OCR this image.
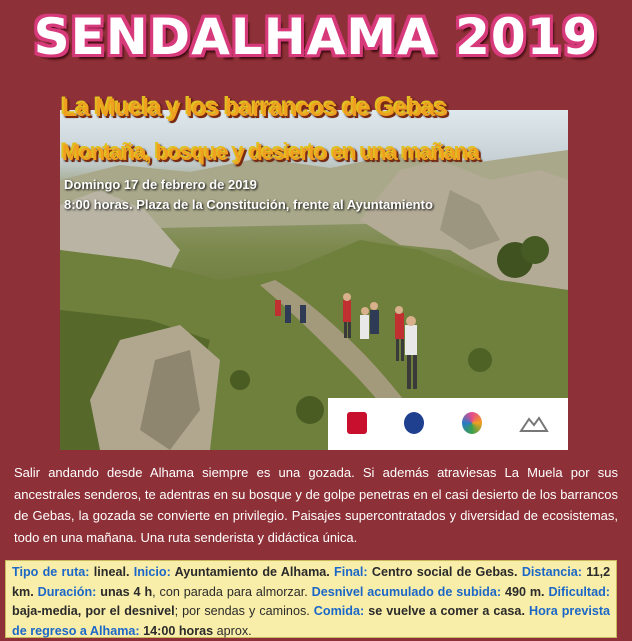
SENDALHAMA 2019
La Muela y los barrancos de Gebas
Montaña, bosque y desierto en una mañana
Domingo 17 de febrero de 2019
8:00 horas. Plaza de la Constitución, frente al Ayuntamiento
Salir andando desde Alhama siempre es una gozada. Si además atraviesas La Muela por sus ancestrales senderos, te adentras en su bosque y de golpe penetras en el casi desierto de los barrancos de Gebas, la gozada se convierte en privilegio. Paisajes supercontratados y diversidad de ecosistemas, todo en una mañana. Una ruta senderista y didáctica única.
Tipo de ruta: lineal. Inicio: Ayuntamiento de Alhama. Final: Centro social de Gebas. Distancia: 11,2 km. Duración: unas 4 h, con parada para almorzar. Desnivel acumulado de subida: 490 m. Dificultad: baja-media, por el desnivel; por sendas y caminos. Comida: se vuelve a comer a casa. Hora prevista de regreso a Alhama: 14:00 horas aprox.
